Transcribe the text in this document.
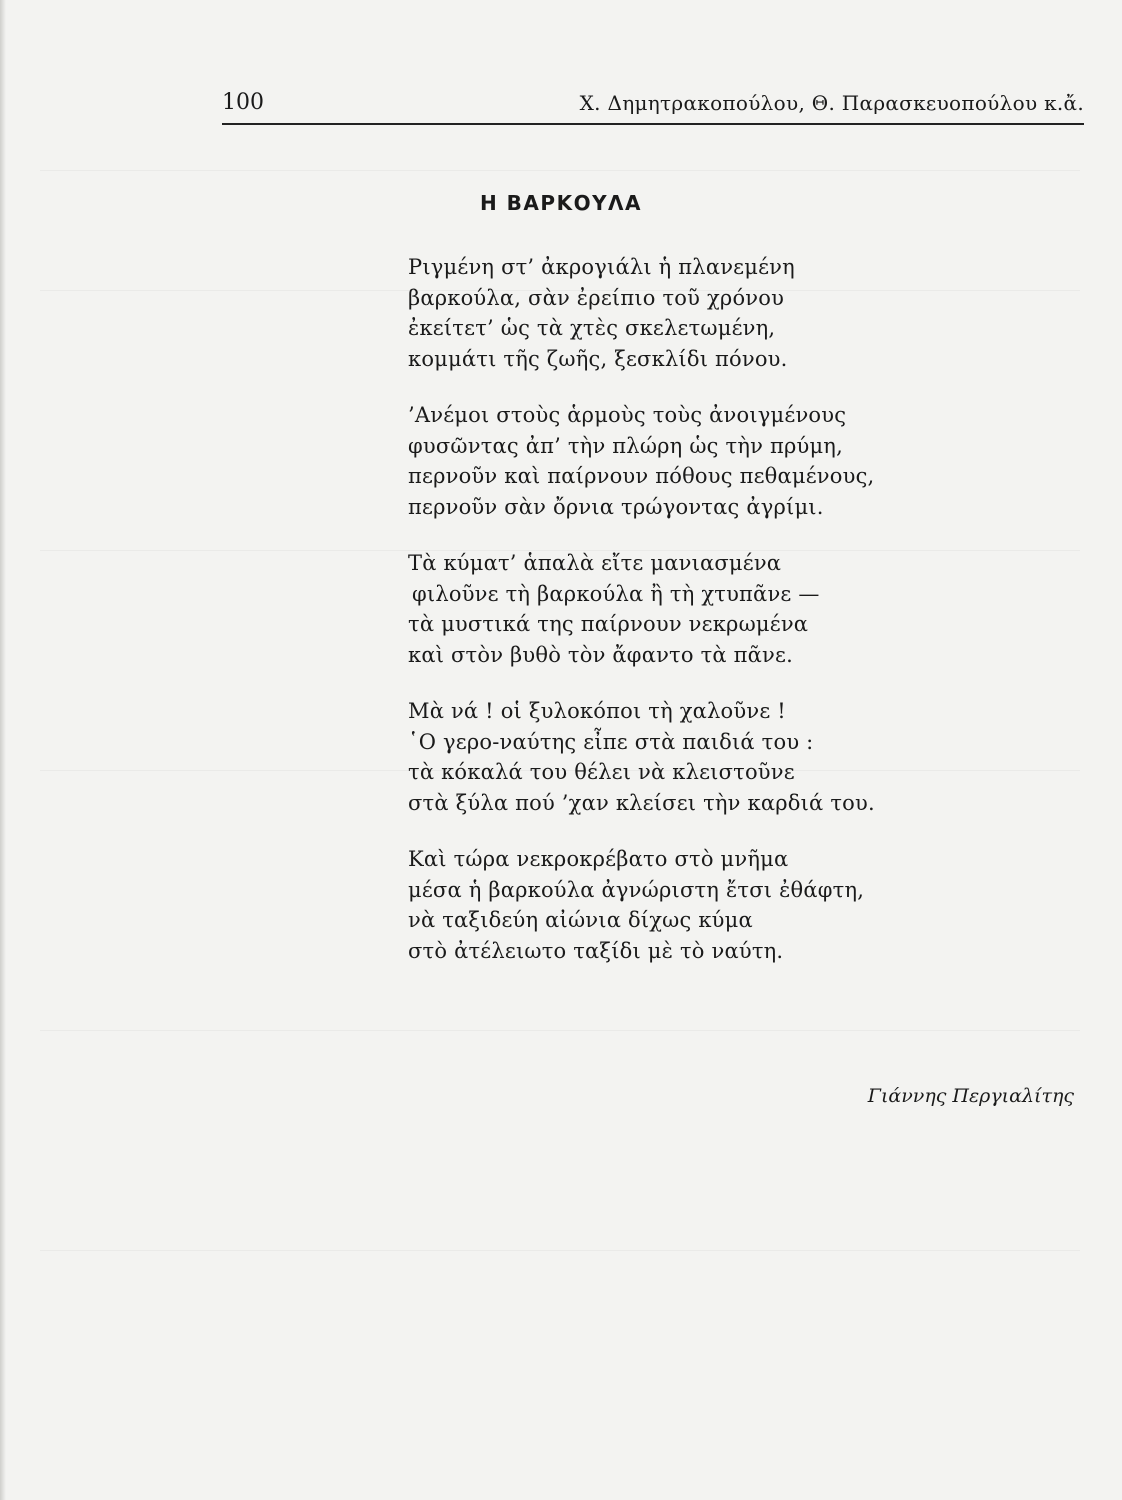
100	Χ. Δημητρακοπούλου, Θ. Παρασκευοπούλου κ.ἄ.
Η ΒΑΡΚΟΥΛΑ
Ριγμένη στ’ ἀκρογιάλι ἡ πλανεμένη
βαρκούλα, σὰν ἐρείπιο τοῦ χρόνου
ἐκείτετ’ ὡς τὰ χτὲς σκελετωμένη,
κομμάτι τῆς ζωῆς, ξεσκλίδι πόνου.
’Ανέμοι στοὺς ἁρμοὺς τοὺς ἀνοιγμένους
φυσῶντας ἀπ’ τὴν πλώρη ὡς τὴν πρύμη,
περνοῦν καὶ παίρνουν πόθους πεθαμένους,
περνοῦν σὰν ὄρνια τρώγοντας ἀγρίμι.
Τὰ κύματ’ ἁπαλὰ εἴτε μανιασμένα
φιλοῦνε τὴ βαρκούλα ἢ τὴ χτυπᾶνε —
τὰ μυστικά της παίρνουν νεκρωμένα
καὶ στὸν βυθὸ τὸν ἄφαντο τὰ πᾶνε.
Μὰ νά ! οἱ ξυλοκόποι τὴ χαλοῦνε !
῾Ο γερο-ναύτης εἶπε στὰ παιδιά του :
τὰ κόκαλά του θέλει νὰ κλειστοῦνε
στὰ ξύλα πού ’χαν κλείσει τὴν καρδιά του.
Καὶ τώρα νεκροκρέβατο στὸ μνῆμα
μέσα ἡ βαρκούλα ἀγνώριστη ἔτσι ἐθάφτη,
νὰ ταξιδεύη αἰώνια δίχως κύμα
στὸ ἀτέλειωτο ταξίδι μὲ τὸ ναύτη.
Γιάννης Περγιαλίτης
